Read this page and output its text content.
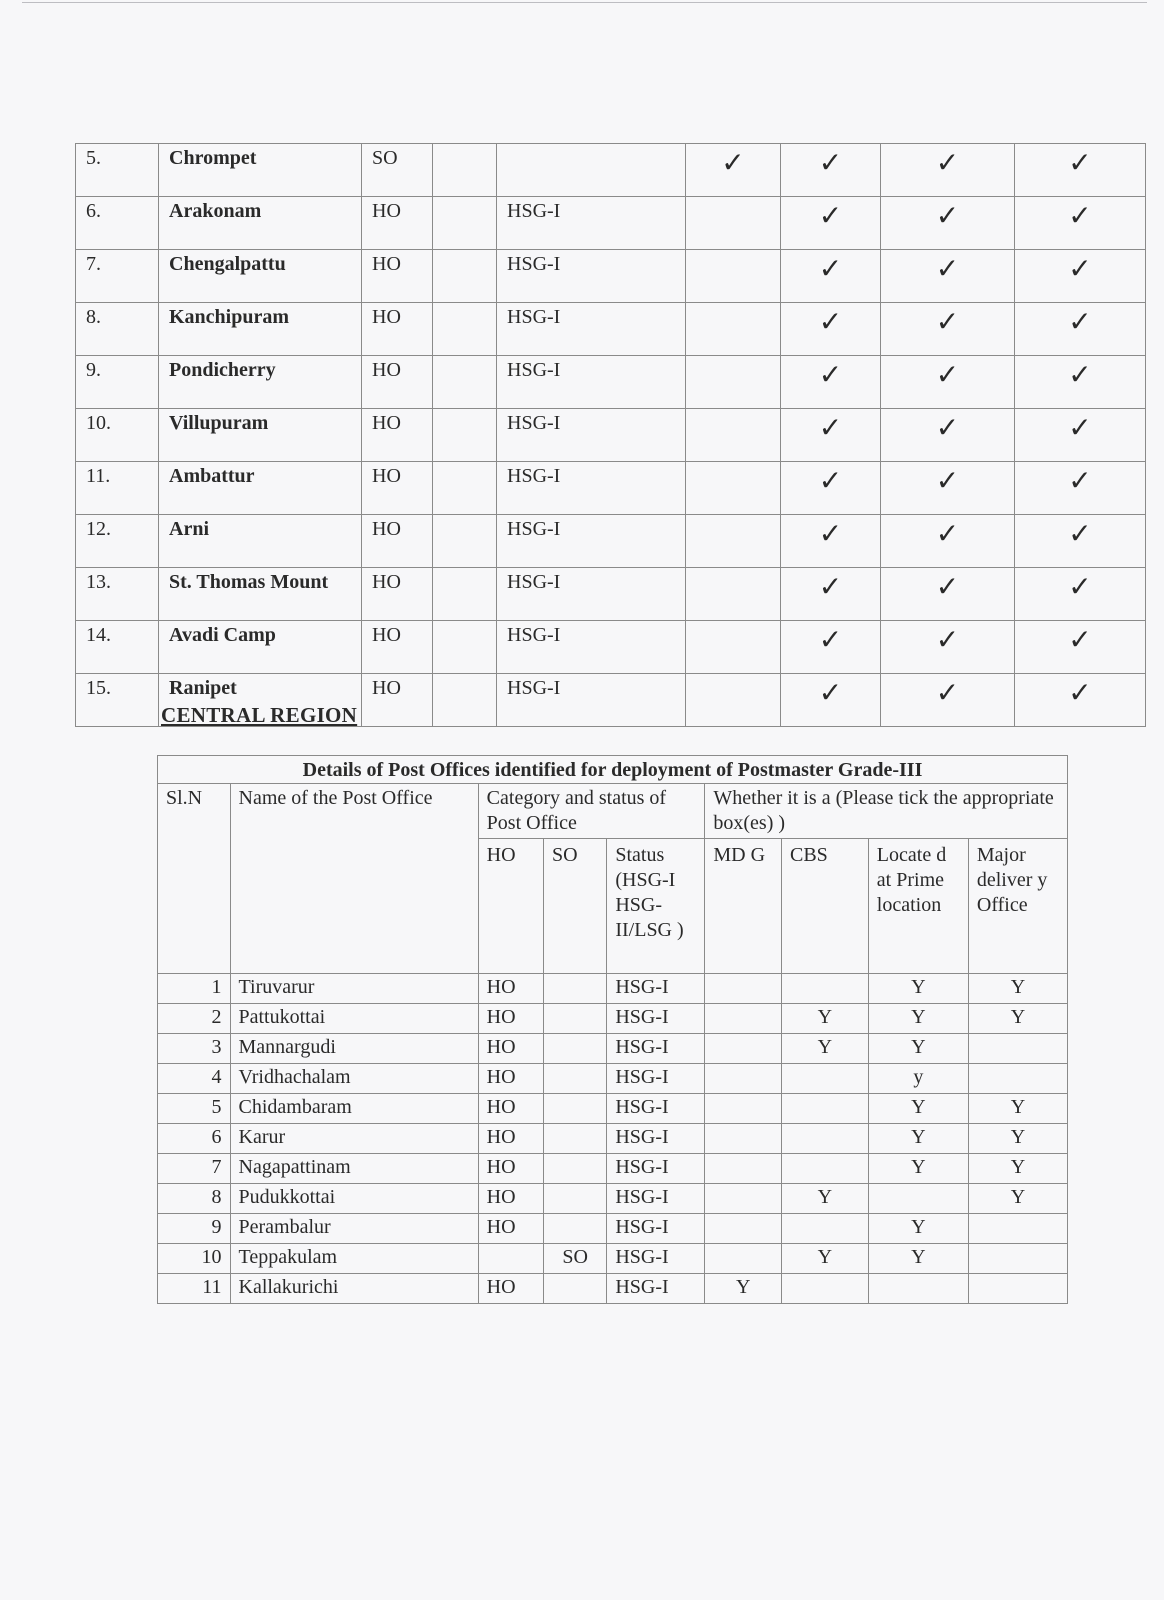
5.	Chrompet	SO			✓	✓	✓	✓
6.	Arakonam	HO		HSG-I		✓	✓	✓
7.	Chengalpattu	HO		HSG-I		✓	✓	✓
8.	Kanchipuram	HO		HSG-I		✓	✓	✓
9.	Pondicherry	HO		HSG-I		✓	✓	✓
10.	Villupuram	HO		HSG-I		✓	✓	✓
11.	Ambattur	HO		HSG-I		✓	✓	✓
12.	Arni	HO		HSG-I		✓	✓	✓
13.	St. Thomas Mount	HO		HSG-I		✓	✓	✓
14.	Avadi Camp	HO		HSG-I		✓	✓	✓
15.	Ranipet	HO		HSG-I		✓	✓	✓
CENTRAL REGION
Details of Post Offices identified for deployment of Postmaster Grade-III								
Sl.N	Name of the Post Office	Category and status of Post Office			Whether it is a (Please tick the appropriate box(es) )			
		HO	SO	Status (HSG-I HSG-II/LSG )	MD G	CBS	Locate d at Prime location	Major deliver y Office
1	Tiruvarur	HO		HSG-I			Y	Y
2	Pattukottai	HO		HSG-I		Y	Y	Y
3	Mannargudi	HO		HSG-I		Y	Y	
4	Vridhachalam	HO		HSG-I			y	
5	Chidambaram	HO		HSG-I			Y	Y
6	Karur	HO		HSG-I			Y	Y
7	Nagapattinam	HO		HSG-I			Y	Y
8	Pudukkottai	HO		HSG-I		Y		Y
9	Perambalur	HO		HSG-I			Y	
10	Teppakulam		SO	HSG-I		Y	Y	
11	Kallakurichi	HO		HSG-I	Y			
